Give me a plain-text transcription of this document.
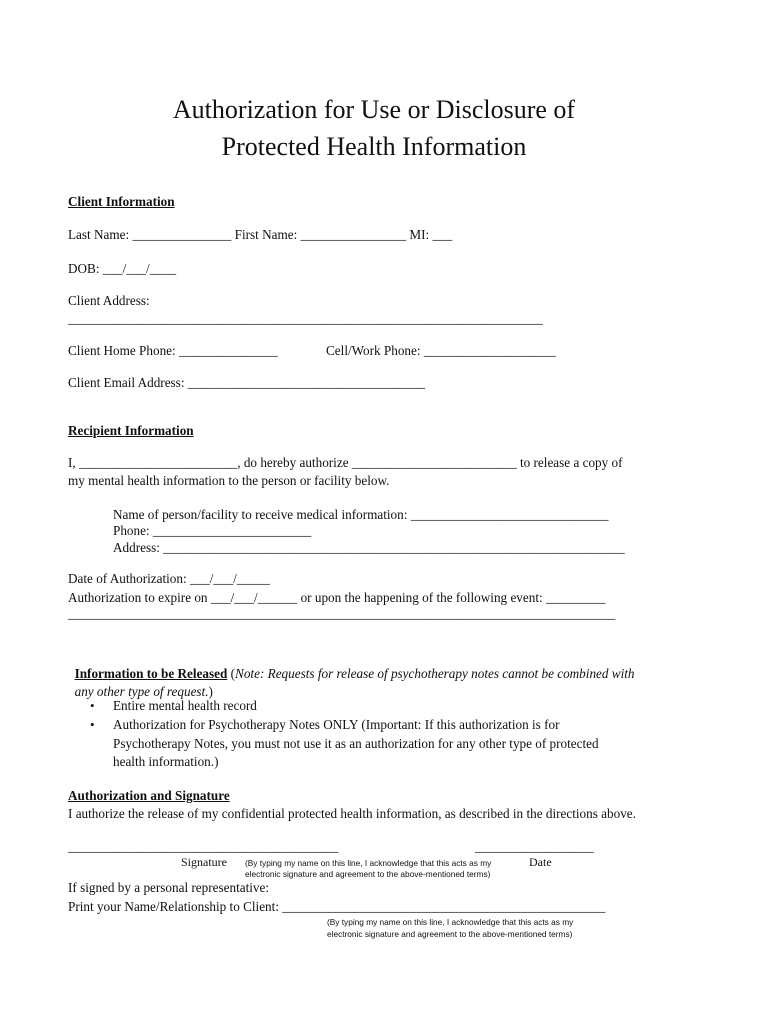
Authorization for Use or Disclosure of
Protected Health Information
Client Information
Last Name: _______________ First Name: ________________ MI: ___
DOB: ___/___/____
Client Address:
________________________________________________________________________
Client Home Phone: _______________	Cell/Work Phone: ____________________
Client Email Address: ____________________________________
Recipient Information
I, ________________________, do hereby authorize _________________________ to release a copy of
my mental health information to the person or facility below.
Name of person/facility to receive medical information: ______________________________
Phone: ________________________
Address: ______________________________________________________________________
Date of Authorization: ___/___/_____
Authorization to expire on ___/___/______ or upon the happening of the following event: _________
___________________________________________________________________________________

Information to be Released (Note: Requests for release of psychotherapy notes cannot be combined with

any other type of request.)

• Entire mental health record
• Authorization for Psychotherapy Notes ONLY (Important: If this authorization is for
Psychotherapy Notes, you must not use it as an authorization for any other type of protected
health information.)
Authorization and Signature
I authorize the release of my confidential protected health information, as described in the directions above.
_________________________________________	__________________
Signature (By typing my name on this line, I acknowledge that this acts as my
electronic signature and agreement to the above-mentioned terms)
Date
If signed by a personal representative:
Print your Name/Relationship to Client: _________________________________________________
(By typing my name on this line, I acknowledge that this acts as my
electronic signature and agreement to the above-mentioned terms)
